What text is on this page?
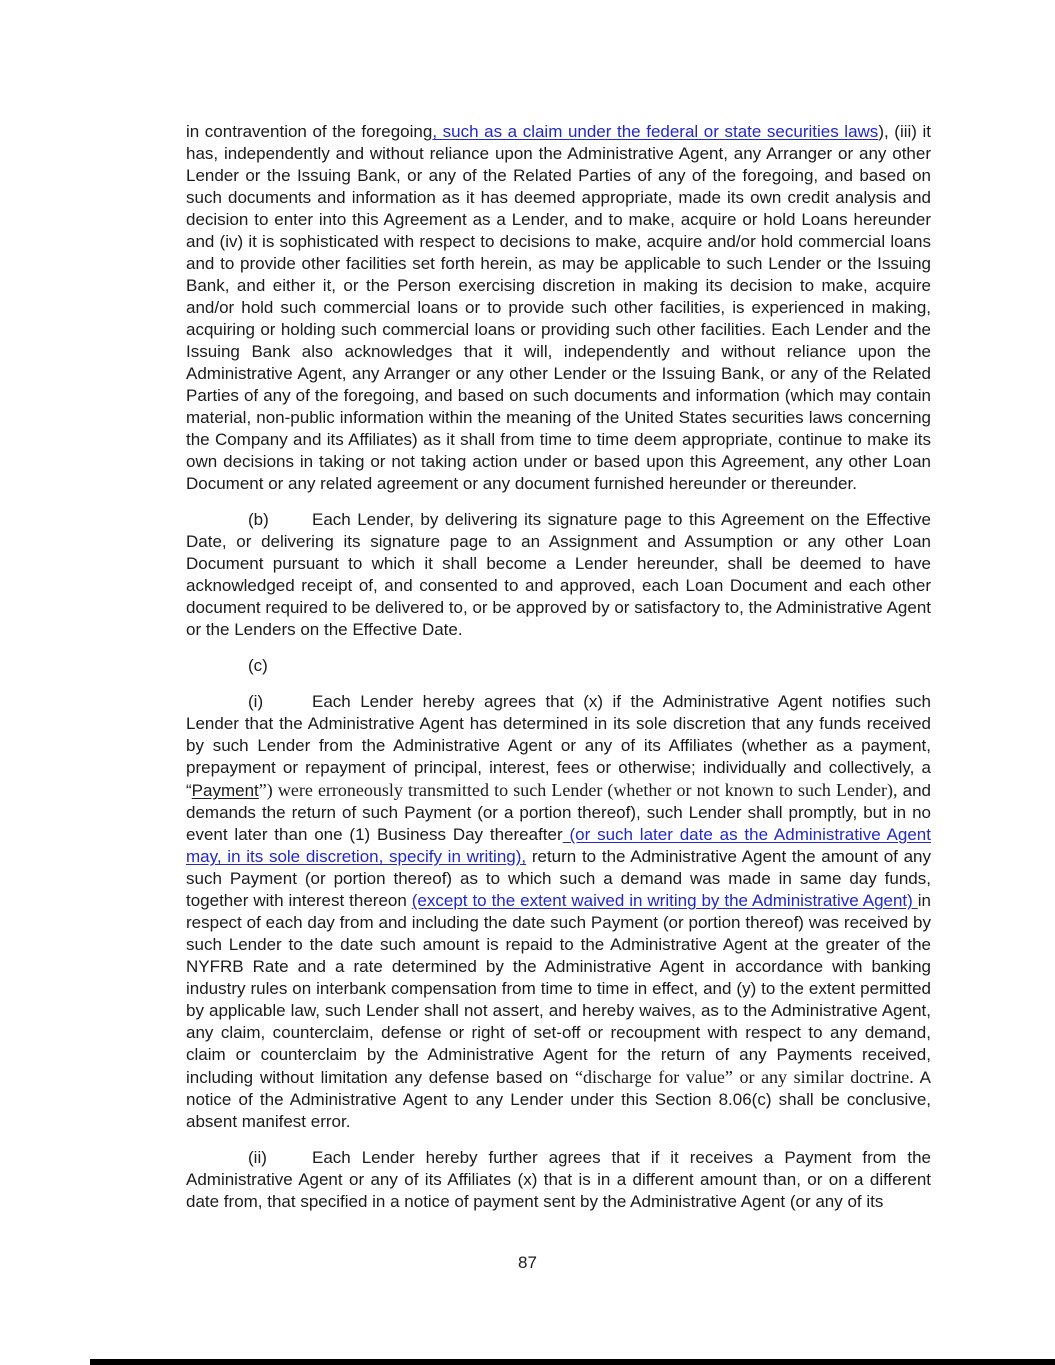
in contravention of the foregoing, such as a claim under the federal or state securities laws), (iii) it has, independently and without reliance upon the Administrative Agent, any Arranger or any other Lender or the Issuing Bank, or any of the Related Parties of any of the foregoing, and based on such documents and information as it has deemed appropriate, made its own credit analysis and decision to enter into this Agreement as a Lender, and to make, acquire or hold Loans hereunder and (iv) it is sophisticated with respect to decisions to make, acquire and/or hold commercial loans and to provide other facilities set forth herein, as may be applicable to such Lender or the Issuing Bank, and either it, or the Person exercising discretion in making its decision to make, acquire and/or hold such commercial loans or to provide such other facilities, is experienced in making, acquiring or holding such commercial loans or providing such other facilities. Each Lender and the Issuing Bank also acknowledges that it will, independently and without reliance upon the Administrative Agent, any Arranger or any other Lender or the Issuing Bank, or any of the Related Parties of any of the foregoing, and based on such documents and information (which may contain material, non-public information within the meaning of the United States securities laws concerning the Company and its Affiliates) as it shall from time to time deem appropriate, continue to make its own decisions in taking or not taking action under or based upon this Agreement, any other Loan Document or any related agreement or any document furnished hereunder or thereunder.

(b)	Each Lender, by delivering its signature page to this Agreement on the Effective Date, or delivering its signature page to an Assignment and Assumption or any other Loan Document pursuant to which it shall become a Lender hereunder, shall be deemed to have acknowledged receipt of, and consented to and approved, each Loan Document and each other document required to be delivered to, or be approved by or satisfactory to, the Administrative Agent or the Lenders on the Effective Date.

(c)

(i)	Each Lender hereby agrees that (x) if the Administrative Agent notifies such Lender that the Administrative Agent has determined in its sole discretion that any funds received by such Lender from the Administrative Agent or any of its Affiliates (whether as a payment, prepayment or repayment of principal, interest, fees or otherwise; individually and collectively, a “Payment”) were erroneously transmitted to such Lender (whether or not known to such Lender), and demands the return of such Payment (or a portion thereof), such Lender shall promptly, but in no event later than one (1) Business Day thereafter (or such later date as the Administrative Agent may, in its sole discretion, specify in writing), return to the Administrative Agent the amount of any such Payment (or portion thereof) as to which such a demand was made in same day funds, together with interest thereon (except to the extent waived in writing by the Administrative Agent) in respect of each day from and including the date such Payment (or portion thereof) was received by such Lender to the date such amount is repaid to the Administrative Agent at the greater of the NYFRB Rate and a rate determined by the Administrative Agent in accordance with banking industry rules on interbank compensation from time to time in effect, and (y) to the extent permitted by applicable law, such Lender shall not assert, and hereby waives, as to the Administrative Agent, any claim, counterclaim, defense or right of set-off or recoupment with respect to any demand, claim or counterclaim by the Administrative Agent for the return of any Payments received, including without limitation any defense based on “discharge for value” or any similar doctrine. A notice of the Administrative Agent to any Lender under this Section 8.06(c) shall be conclusive, absent manifest error.

(ii)	Each Lender hereby further agrees that if it receives a Payment from the Administrative Agent or any of its Affiliates (x) that is in a different amount than, or on a different date from, that specified in a notice of payment sent by the Administrative Agent (or any of its

87
